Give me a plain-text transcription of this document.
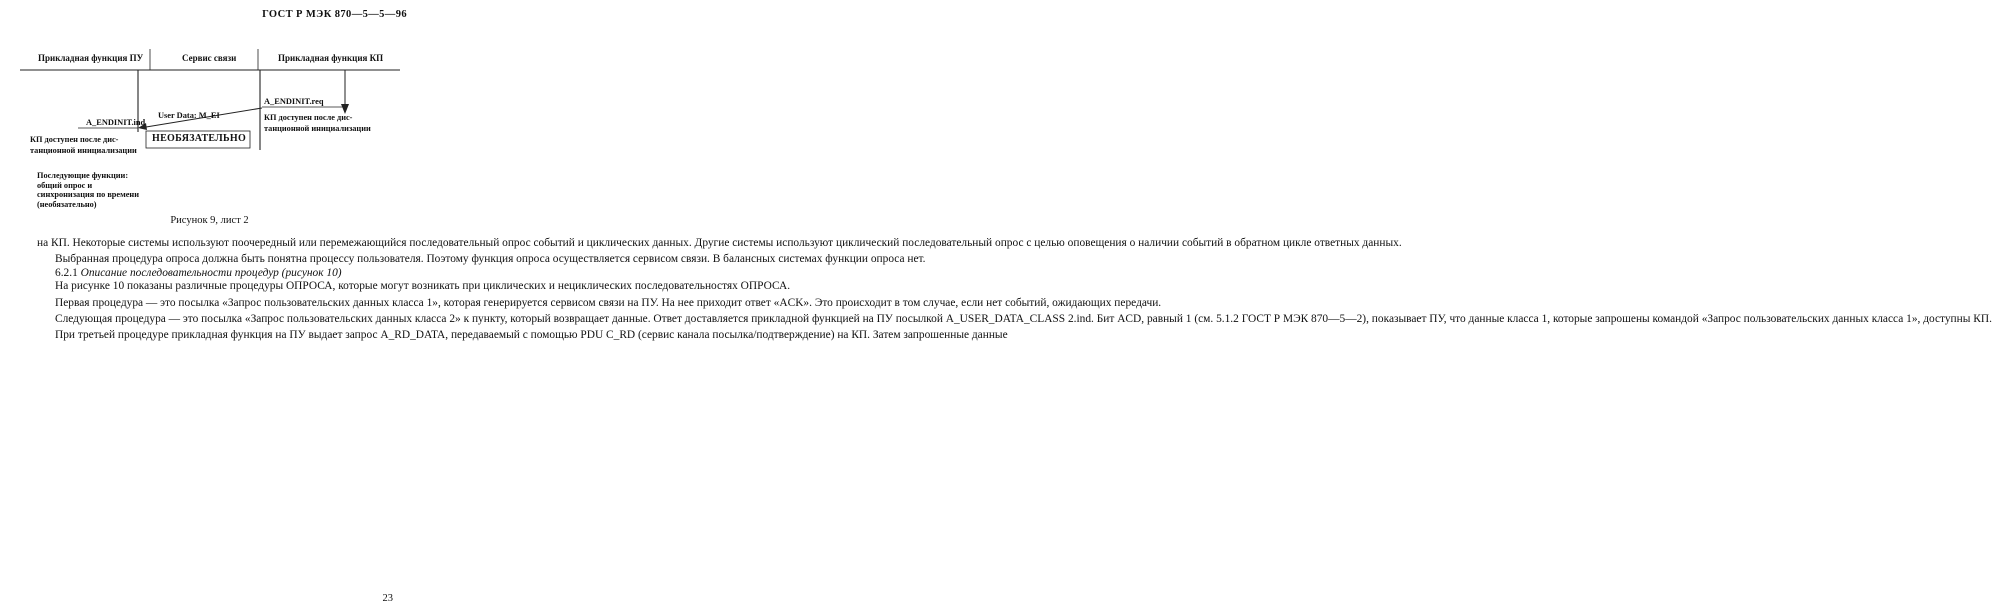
ГОСТ Р МЭК 870—5—5—96
Прикладная функция ПУ	Сервис связи	Прикладная функция КП
A_ENDINIT.req
User Data: M_EI
A_ENDINIT.ind
КП доступен после дис-
танционной инициализации
КП доступен после дис-
танционной инициализации
НЕОБЯЗАТЕЛЬНО
Последующие функции:
общий опрос и
синхронизация по времени
(необязательно)
Рисунок 9, лист 2

на КП. Некоторые системы используют поочередный или перемежающийся последовательный опрос событий и циклических данных. Другие системы используют циклический последовательный опрос с целью оповещения о наличии событий в обратном цикле ответных данных.

Выбранная процедура опроса должна быть понятна процессу пользователя. Поэтому функция опроса осуществляется сервисом связи. В балансных системах функции опроса нет.

6.2.1 Описание последовательности процедур (рисунок 10)

На рисунке 10 показаны различные процедуры ОПРОСА, которые могут возникать при циклических и нециклических последовательностях ОПРОСА.

Первая процедура — это посылка «Запрос пользовательских данных класса 1», которая генерируется сервисом связи на ПУ. На нее приходит ответ «ACK». Это происходит в том случае, если нет событий, ожидающих передачи.

Следующая процедура — это посылка «Запрос пользовательских данных класса 2» к пункту, который возвращает данные. Ответ доставляется прикладной функцией на ПУ посылкой A_USER_DATA_CLASS 2.ind. Бит ACD, равный 1 (см. 5.1.2 ГОСТ Р МЭК 870—5—2), показывает ПУ, что данные класса 1, которые запрошены командой «Запрос пользовательских данных класса 1», доступны КП.

При третьей процедуре прикладная функция на ПУ выдает запрос A_RD_DATA, передаваемый с помощью PDU C_RD (сервис канала посылка/подтверждение) на КП. Затем запрошенные данные

23
